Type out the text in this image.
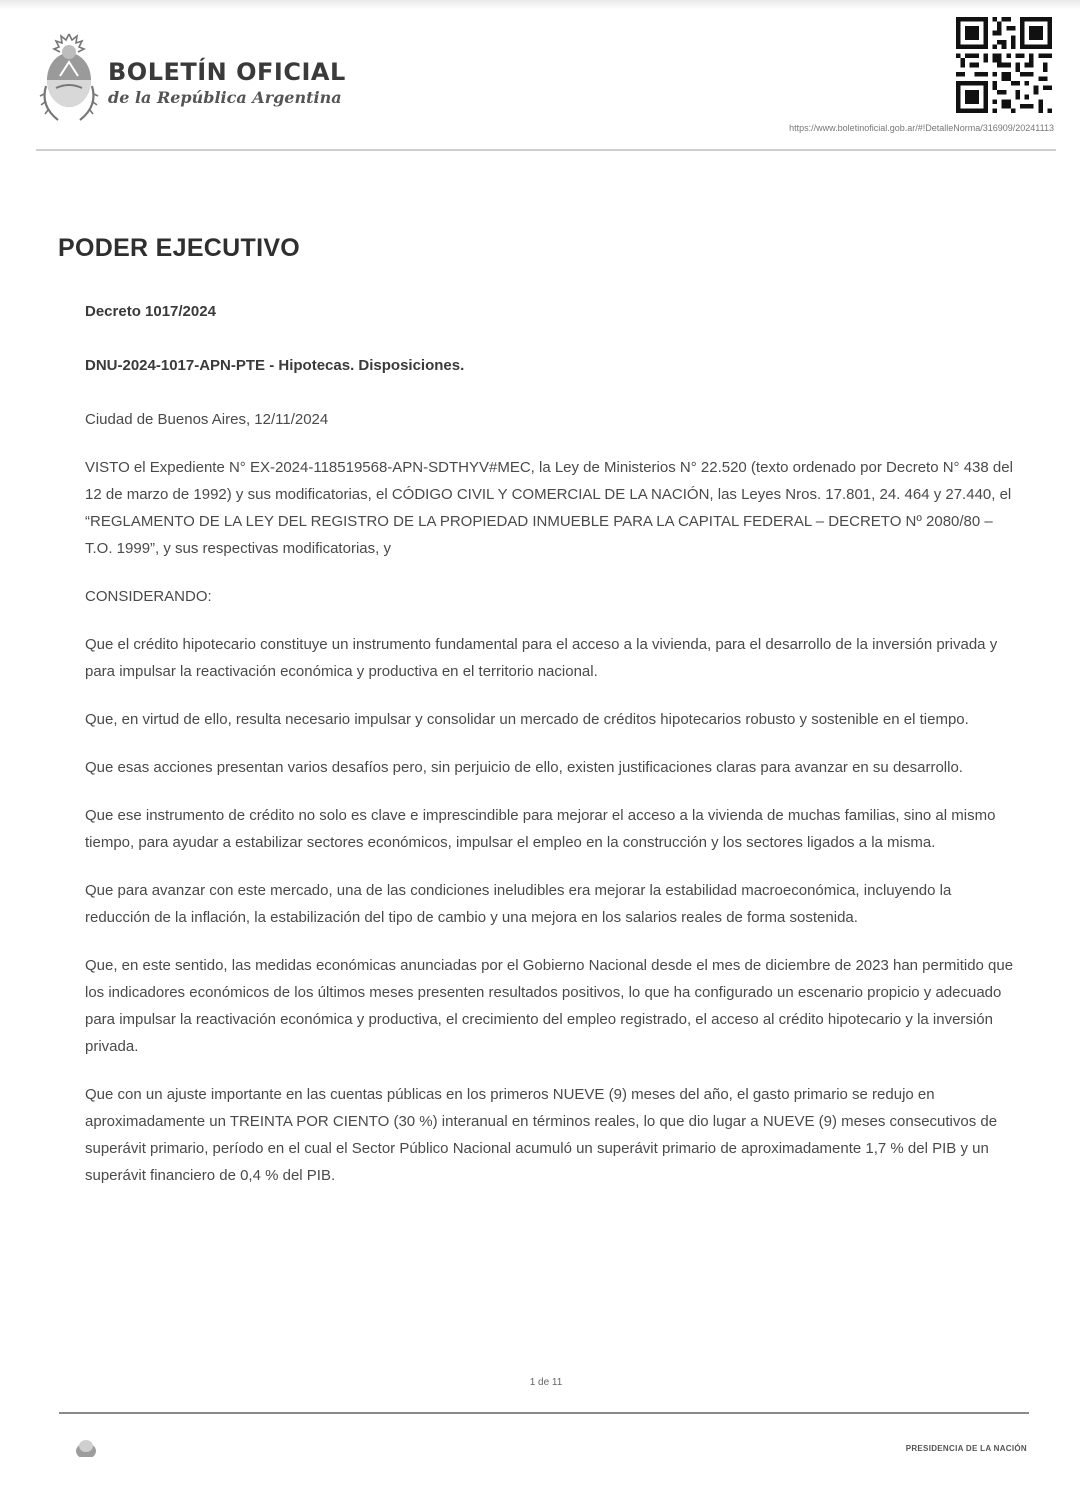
BOLETÍN OFICIAL
de la República Argentina
https://www.boletinoficial.gob.ar/#!DetalleNorma/316909/20241113
PODER EJECUTIVO

Decreto 1017/2024

DNU-2024-1017-APN-PTE - Hipotecas. Disposiciones.

Ciudad de Buenos Aires, 12/11/2024

VISTO el Expediente N° EX-2024-118519568-APN-SDTHYV#MEC, la Ley de Ministerios N° 22.520 (texto ordenado por Decreto N° 438 del 12 de marzo de 1992) y sus modificatorias, el CÓDIGO CIVIL Y COMERCIAL DE LA NACIÓN, las Leyes Nros. 17.801, 24. 464 y 27.440, el “REGLAMENTO DE LA LEY DEL REGISTRO DE LA PROPIEDAD INMUEBLE PARA LA CAPITAL FEDERAL – DECRETO Nº 2080/80 – T.O. 1999”, y sus respectivas modificatorias, y

CONSIDERANDO:

Que el crédito hipotecario constituye un instrumento fundamental para el acceso a la vivienda, para el desarrollo de la inversión privada y para impulsar la reactivación económica y productiva en el territorio nacional.

Que, en virtud de ello, resulta necesario impulsar y consolidar un mercado de créditos hipotecarios robusto y sostenible en el tiempo.

Que esas acciones presentan varios desafíos pero, sin perjuicio de ello, existen justificaciones claras para avanzar en su desarrollo.

Que ese instrumento de crédito no solo es clave e imprescindible para mejorar el acceso a la vivienda de muchas familias, sino al mismo tiempo, para ayudar a estabilizar sectores económicos, impulsar el empleo en la construcción y los sectores ligados a la misma.

Que para avanzar con este mercado, una de las condiciones ineludibles era mejorar la estabilidad macroeconómica, incluyendo la reducción de la inflación, la estabilización del tipo de cambio y una mejora en los salarios reales de forma sostenida.

Que, en este sentido, las medidas económicas anunciadas por el Gobierno Nacional desde el mes de diciembre de 2023 han permitido que los indicadores económicos de los últimos meses presenten resultados positivos, lo que ha configurado un escenario propicio y adecuado para impulsar la reactivación económica y productiva, el crecimiento del empleo registrado, el acceso al crédito hipotecario y la inversión privada.

Que con un ajuste importante en las cuentas públicas en los primeros NUEVE (9) meses del año, el gasto primario se redujo en aproximadamente un TREINTA POR CIENTO (30 %) interanual en términos reales, lo que dio lugar a NUEVE (9) meses consecutivos de superávit primario, período en el cual el Sector Público Nacional acumuló un superávit primario de aproximadamente 1,7 % del PIB y un superávit financiero de 0,4 % del PIB.

1 de 11
PRESIDENCIA DE LA NACIÓN
